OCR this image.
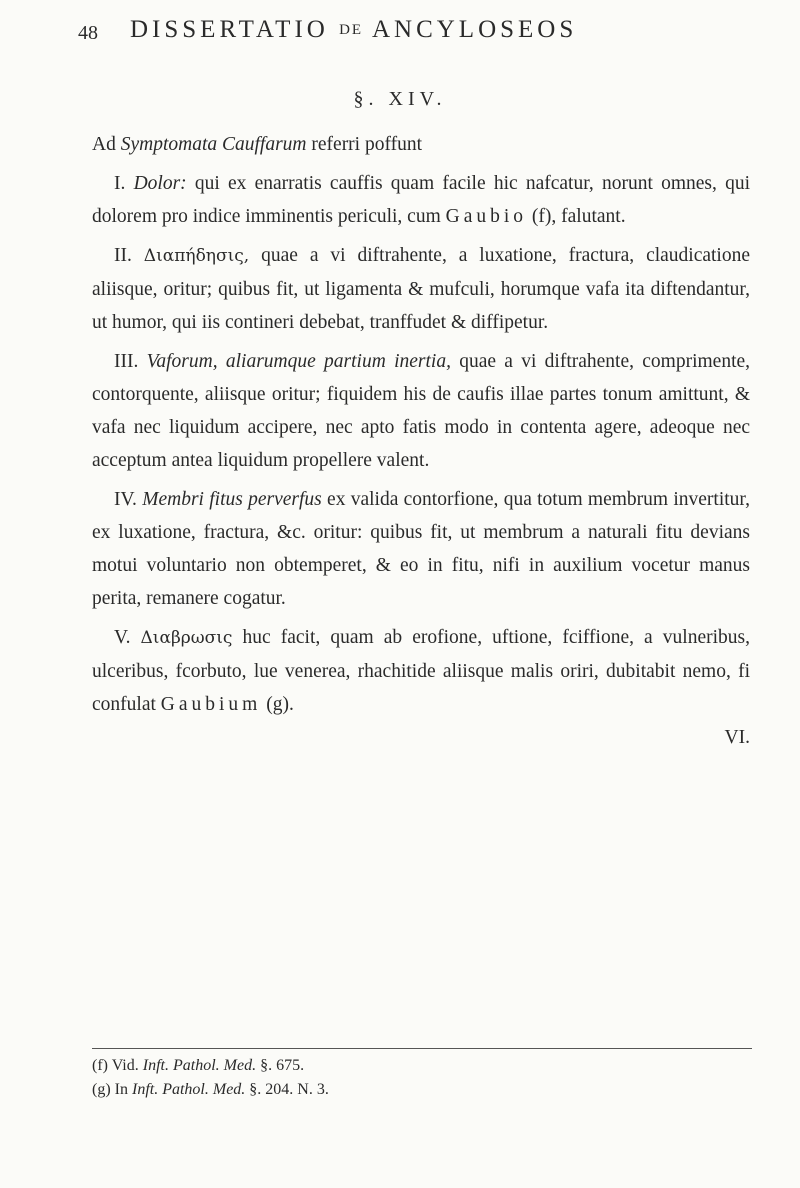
48 DISSERTATIO DE ANCYLOSEOS
§. XIV.

Ad Symptomata Cauffarum referri poffunt

I. Dolor: qui ex enarratis cauffis quam facile hic nafcatur, norunt omnes, qui dolorem pro indice imminentis periculi, cum Gaubio (f), falutant.

II. Διαπήδησις, quae a vi diftrahente, a luxatione, fractura, claudicatione aliisque, oritur; quibus fit, ut ligamenta & mufculi, horumque vafa ita diftendantur, ut humor, qui iis contineri debebat, tranffudet & diffipetur.

III. Vaforum, aliarumque partium inertia, quae a vi diftrahente, comprimente, contorquente, aliisque oritur; fiquidem his de caufis illae partes tonum amittunt, & vafa nec liquidum accipere, nec apto fatis modo in contenta agere, adeoque nec acceptum antea liquidum propellere valent.

IV. Membri fitus perverfus ex valida contorfione, qua totum membrum invertitur, ex luxatione, fractura, &c. oritur: quibus fit, ut membrum a naturali fitu devians motui voluntario non obtemperet, & eo in fitu, nifi in auxilium vocetur manus perita, remanere cogatur.

V. Διαβρωσις huc facit, quam ab erofione, uftione, fciffione, a vulneribus, ulceribus, fcorbuto, lue venerea, rhachitide aliisque malis oriri, dubitabit nemo, fi confulat Gaubium (g).

VI.

(f) Vid. Inft. Pathol. Med. §. 675.

(g) In Inft. Pathol. Med. §. 204. N. 3.
